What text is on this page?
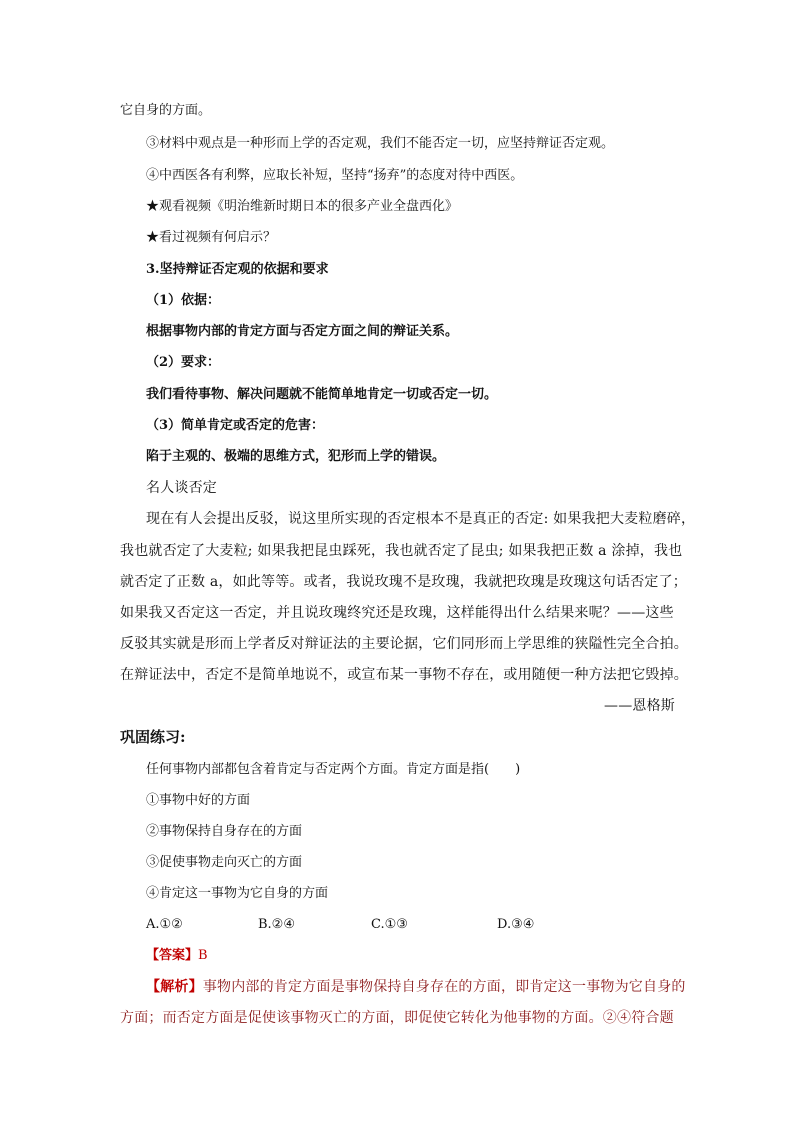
它自身的方面。
③材料中观点是一种形而上学的否定观，我们不能否定一切，应坚持辩证否定观。
④中西医各有利弊，应取长补短，坚持“扬弃”的态度对待中西医。
★观看视频《明治维新时期日本的很多产业全盘西化》
★看过视频有何启示？
3.坚持辩证否定观的依据和要求
（1）依据：
根据事物内部的肯定方面与否定方面之间的辩证关系。
（2）要求：
我们看待事物、解决问题就不能简单地肯定一切或否定一切。
（3）简单肯定或否定的危害：
陷于主观的、极端的思维方式，犯形而上学的错误。
名人谈否定
现在有人会提出反驳，说这里所实现的否定根本不是真正的否定: 如果我把大麦粒磨碎，
我也就否定了大麦粒; 如果我把昆虫踩死，我也就否定了昆虫; 如果我把正数 a 涂掉，我也
就否定了正数 a，如此等等。或者，我说玫瑰不是玫瑰，我就把玫瑰是玫瑰这句话否定了；
如果我又否定这一否定，并且说玫瑰终究还是玫瑰，这样能得出什么结果来呢？——这些
反驳其实就是形而上学者反对辩证法的主要论据，它们同形而上学思维的狭隘性完全合拍。
在辩证法中，否定不是简单地说不，或宣布某一事物不存在，或用随便一种方法把它毁掉。
——恩格斯
巩固练习:
任何事物内部都包含着肯定与否定两个方面。肯定方面是指(　　)
①事物中好的方面
②事物保持自身存在的方面
③促使事物走向灭亡的方面
④肯定这一事物为它自身的方面
A.①②	B.②④	C.①③	D.③④
【答案】B
【解析】事物内部的肯定方面是事物保持自身存在的方面，即肯定这一事物为它自身的
方面；而否定方面是促使该事物灭亡的方面，即促使它转化为他事物的方面。②④符合题
